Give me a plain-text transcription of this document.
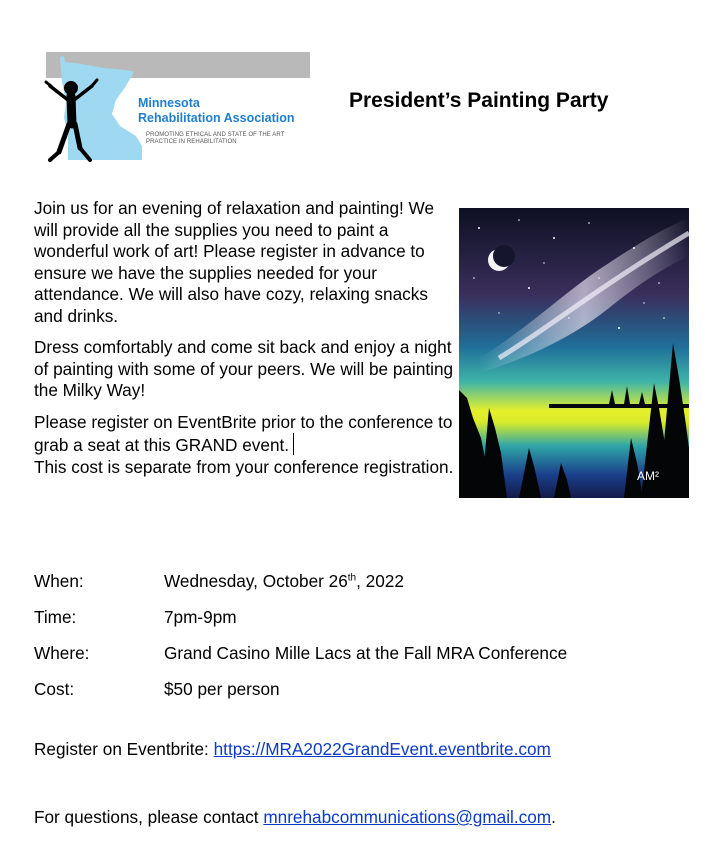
Minnesota
Rehabilitation Association
PROMOTING ETHICAL AND STATE OF THE ART
PRACTICE IN REHABILITATION
President’s Painting Party

Join us for an evening of relaxation and painting! We will provide all the supplies you need to paint a wonderful work of art! Please register in advance to ensure we have the supplies needed for your attendance. We will also have cozy, relaxing snacks and drinks.

Dress comfortably and come sit back and enjoy a night of painting with some of your peers. We will be painting the Milky Way!

Please register on EventBrite prior to the conference to grab a seat at this GRAND event.
This cost is separate from your conference registration.	AM²
When:	Wednesday, October 26th, 2022
Time:	7pm-9pm
Where:	Grand Casino Mille Lacs at the Fall MRA Conference
Cost:	$50 per person
Register on Eventbrite: https://MRA2022GrandEvent.eventbrite.com
For questions, please contact mnrehabcommunications@gmail.com.
